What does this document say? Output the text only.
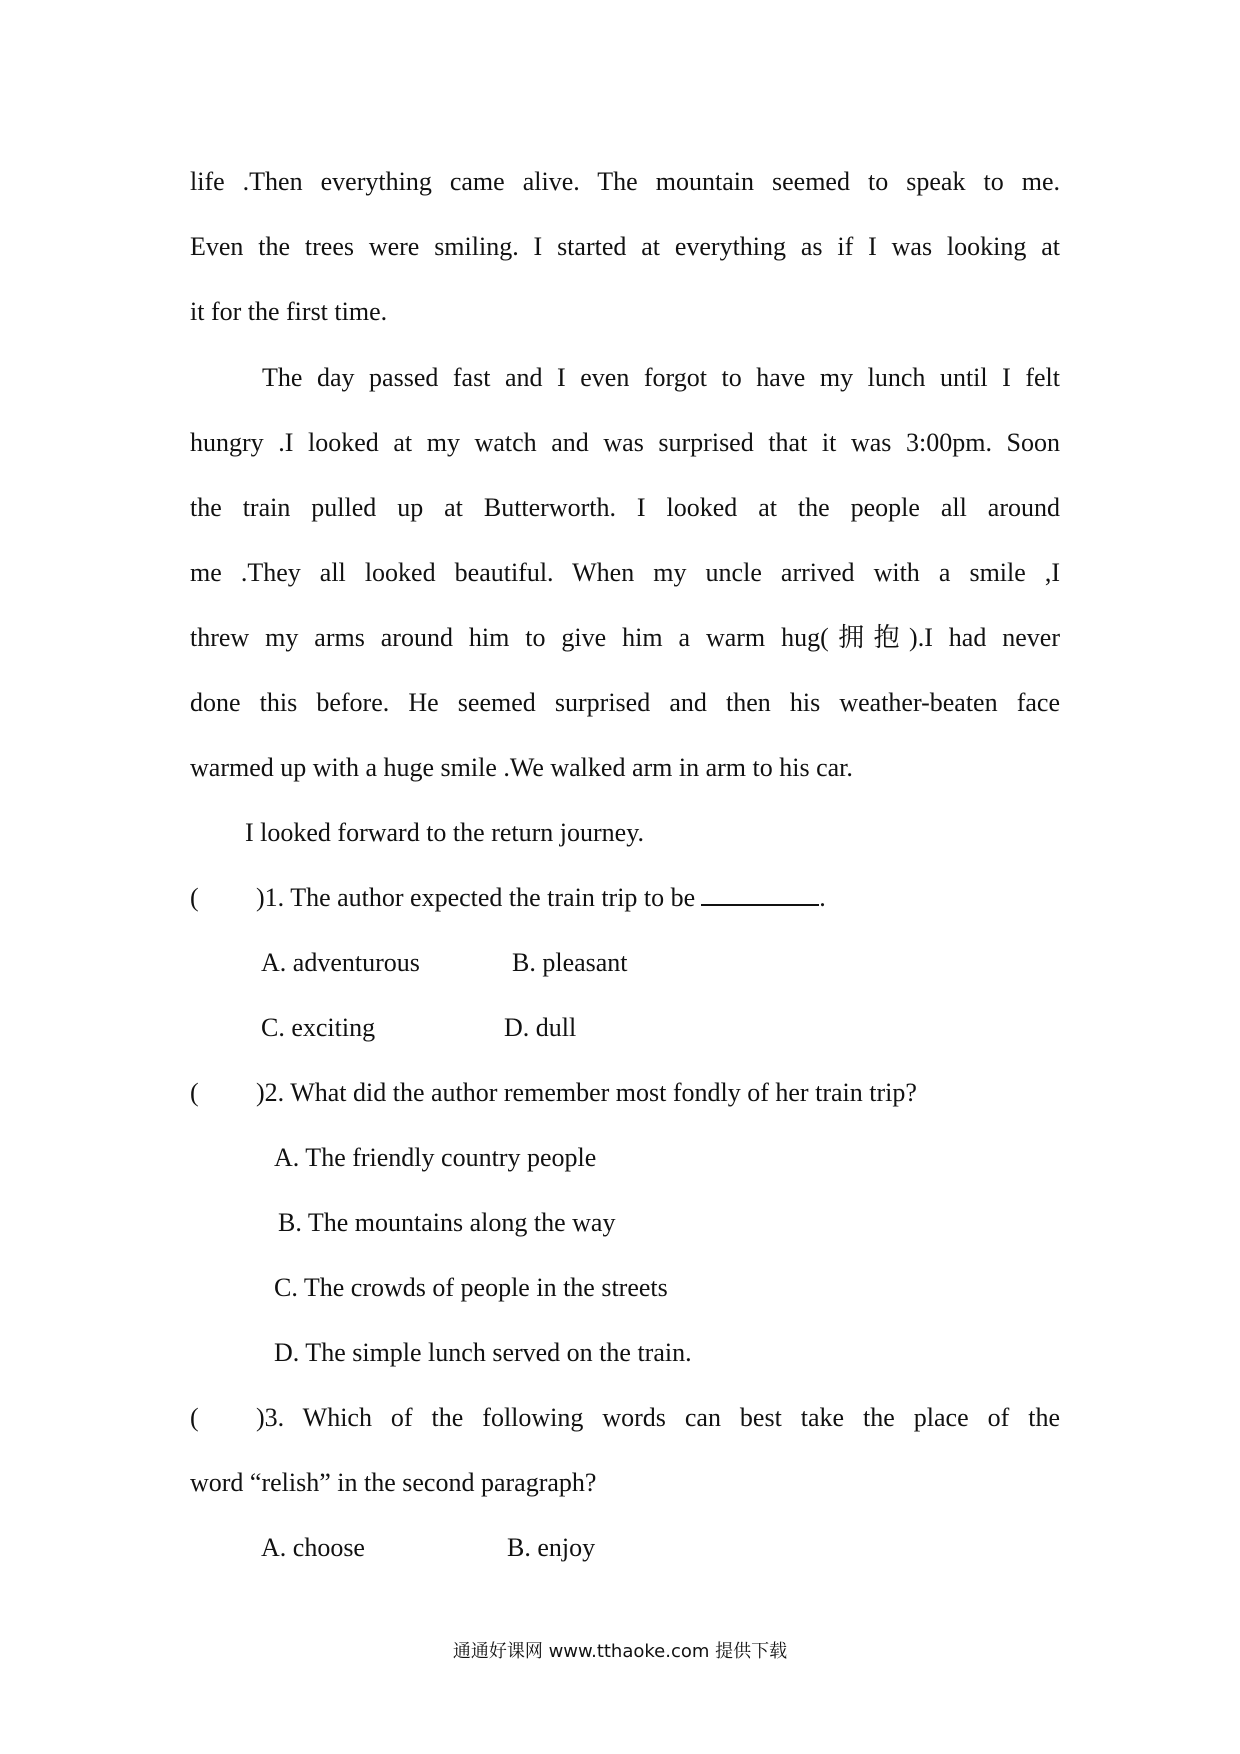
life .Then everything came alive. The mountain seemed to speak to me.
Even the trees were smiling. I started at everything as if I was looking at
it for the first time.
The day passed fast and I even forgot to have my lunch until I felt
hungry .I looked at my watch and was surprised that it was 3:00pm. Soon
the train pulled up at Butterworth. I looked at the people all around
me .They all looked beautiful. When my uncle arrived with a smile ,I
threw my arms around him to give him a warm hug(拥抱).I had never
done this before. He seemed surprised and then his weather-beaten face
warmed up with a huge smile .We walked arm in arm to his car.
I looked forward to the return journey.
( )1. The author expected the train trip to be	.
A. adventurous	B. pleasant
C. exciting	D. dull
( )2. What did the author remember most fondly of her train trip?
A. The friendly country people
B. The mountains along the way
C. The crowds of people in the streets
D. The simple lunch served on the train.
( )3. Which of the following words can best take the place of the
word “relish” in the second paragraph?
A. choose	B. enjoy
通通好课网 www.tthaoke.com 提供下载
